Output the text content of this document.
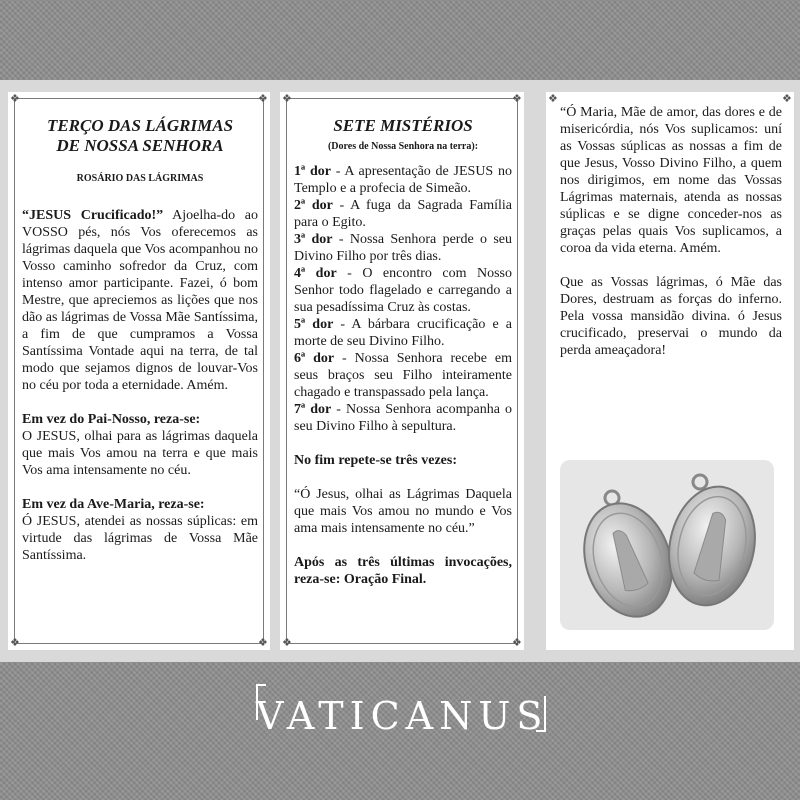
❖	❖
❖	❖
TERÇO DAS LÁGRIMAS
DE NOSSA SENHORA
ROSÁRIO DAS LÁGRIMAS
“JESUS Crucificado!” Ajoelha-do ao VOSSO pés, nós Vos oferecemos as lágrimas daquela que Vos acompanhou no Vosso caminho sofredor da Cruz, com intenso amor participante. Fazei, ó bom Mestre, que apreciemos as lições que nos dão as lágrimas de Vossa Mãe Santíssima, a fim de que cumpramos a Vossa Santíssima Vontade aqui na terra, de tal modo que sejamos dignos de louvar-Vos no céu por toda a eternidade. Amém.
Em vez do Pai-Nosso, reza-se:
O JESUS, olhai para as lágrimas daquela que mais Vos amou na terra e que mais Vos ama intensamente no céu.
Em vez da Ave-Maria, reza-se:
Ó JESUS, atendei as nossas súplicas: em virtude das lágrimas de Vossa Mãe Santíssima.
❖	❖
❖	❖
SETE MISTÉRIOS
(Dores de Nossa Senhora na terra):
1ª dor - A apresentação de JESUS no Templo e a profecia de Simeão.
2ª dor - A fuga da Sagrada Família para o Egito.
3ª dor - Nossa Senhora perde o seu Divino Filho por três dias.
4ª dor - O encontro com Nosso Senhor todo flagelado e carregando a sua pesadíssima Cruz às costas.
5ª dor - A bárbara crucificação e a morte de seu Divino Filho.
6ª dor - Nossa Senhora recebe em seus braços seu Filho inteiramente chagado e transpassado pela lança.
7ª dor - Nossa Senhora acompanha o seu Divino Filho à sepultura.
No fim repete-se três vezes:
“Ó Jesus, olhai as Lágrimas Daquela que mais Vos amou no mundo e Vos ama mais intensamente no céu.”
Após as três últimas invocações, reza-se: Oração Final.
❖	❖
“Ó Maria, Mãe de amor, das dores e de misericórdia, nós Vos suplicamos: uní as Vossas súplicas as nossas a fim de que Jesus, Vosso Divino Filho, a quem nos dirigimos, em nome das Vossas Lágrimas maternais, atenda as nossas súplicas e se digne conceder-nos as graças pelas quais Vos suplicamos, a coroa da vida eterna. Amém.
Que as Vossas lágrimas, ó Mãe das Dores, destruam as forças do inferno. Pela vossa mansidão divina. ó Jesus crucificado, preservai o mundo da perda ameaçadora!
VATICANUS
